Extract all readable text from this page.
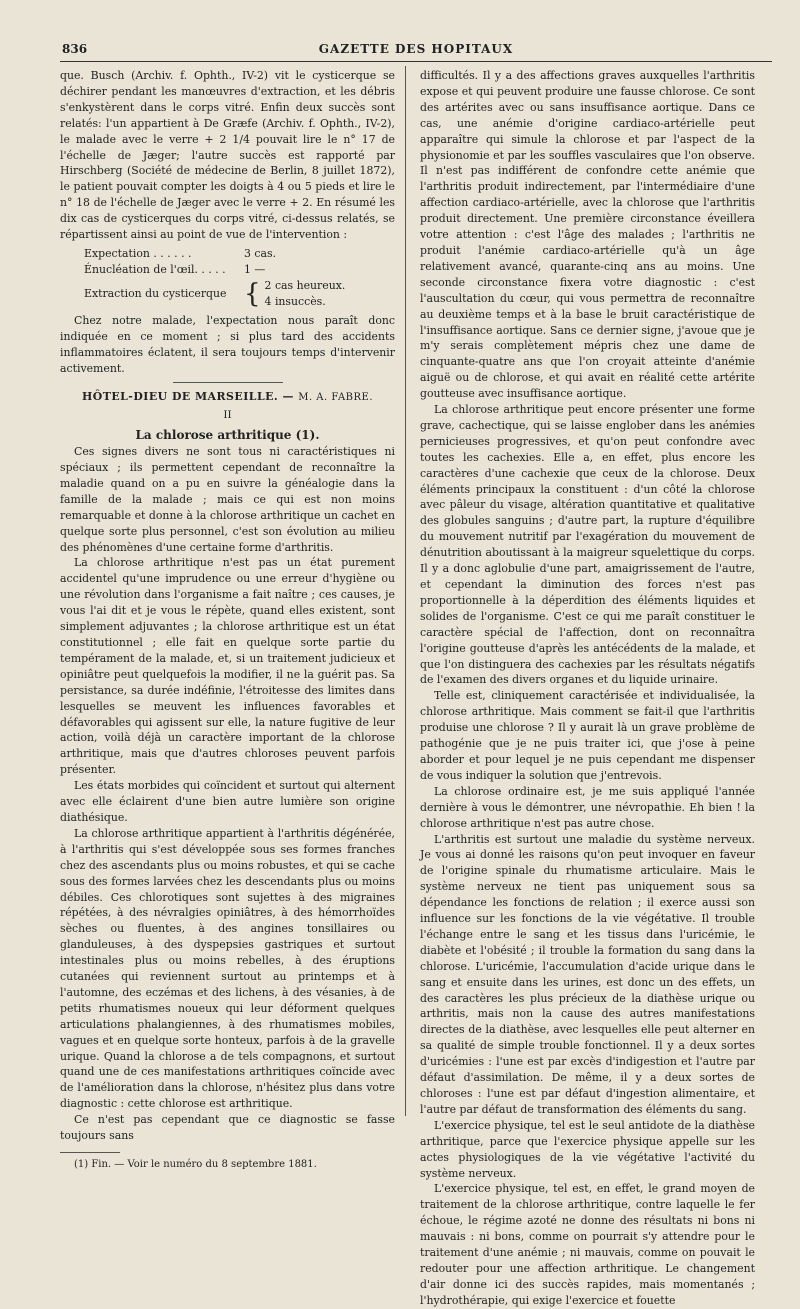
836	GAZETTE DES HOPITAUX

que. Busch (Archiv. f. Ophth., IV-2) vit le cysticerque se déchirer pendant les manœuvres d'extraction, et les débris s'enkystèrent dans le corps vitré. Enfin deux succès sont relatés: l'un appartient à De Græfe (Archiv. f. Ophth., IV-2), le malade avec le verre + 2 1/4 pouvait lire le n° 17 de l'échelle de Jæger; l'autre succès est rapporté par Hirschberg (Société de médecine de Berlin, 8 juillet 1872), le patient pouvait compter les doigts à 4 ou 5 pieds et lire le n° 18 de l'échelle de Jæger avec le verre + 2. En résumé les dix cas de cysticerques du corps vitré, ci-dessus relatés, se répartissent ainsi au point de vue de l'intervention :

Expectation . . . . . .	3 cas.
Énucléation de l'œil. . . . .	1 —
Extraction du cysticerque { 2 cas heureux.
4 insuccès.

Chez notre malade, l'expectation nous paraît donc indiquée en ce moment ; si plus tard des accidents inflammatoires éclatent, il sera toujours temps d'intervenir activement.

HÔTEL-DIEU DE MARSEILLE. — M. A. FABRE.
II
La chlorose arthritique (1).

Ces signes divers ne sont tous ni caractéristiques ni spéciaux ; ils permettent cependant de reconnaître la maladie quand on a pu en suivre la généalogie dans la famille de la malade ; mais ce qui est non moins remarquable et donne à la chlorose arthritique un cachet en quelque sorte plus personnel, c'est son évolution au milieu des phénomènes d'une certaine forme d'arthritis.

La chlorose arthritique n'est pas un état purement accidentel qu'une imprudence ou une erreur d'hygiène ou une révolution dans l'organisme a fait naître ; ces causes, je vous l'ai dit et je vous le répète, quand elles existent, sont simplement adjuvantes ; la chlorose arthritique est un état constitutionnel ; elle fait en quelque sorte partie du tempérament de la malade, et, si un traitement judicieux et opiniâtre peut quelquefois la modifier, il ne la guérit pas. Sa persistance, sa durée indéfinie, l'étroitesse des limites dans lesquelles se meuvent les influences favorables et défavorables qui agissent sur elle, la nature fugitive de leur action, voilà déjà un caractère important de la chlorose arthritique, mais que d'autres chloroses peuvent parfois présenter.

Les états morbides qui coïncident et surtout qui alternent avec elle éclairent d'une bien autre lumière son origine diathésique.

La chlorose arthritique appartient à l'arthritis dégénérée, à l'arthritis qui s'est développée sous ses formes franches chez des ascendants plus ou moins robustes, et qui se cache sous des formes larvées chez les descendants plus ou moins débiles. Ces chlorotiques sont sujettes à des migraines répétées, à des névralgies opiniâtres, à des hémorrhoïdes sèches ou fluentes, à des angines tonsillaires ou glanduleuses, à des dyspepsies gastriques et surtout intestinales plus ou moins rebelles, à des éruptions cutanées qui reviennent surtout au printemps et à l'automne, des eczémas et des lichens, à des vésanies, à de petits rhumatismes noueux qui leur déforment quelques articulations phalangiennes, à des rhumatismes mobiles, vagues et en quelque sorte honteux, parfois à de la gravelle urique. Quand la chlorose a de tels compagnons, et surtout quand une de ces manifestations arthritiques coïncide avec de l'amélioration dans la chlorose, n'hésitez plus dans votre diagnostic : cette chlorose est arthritique.

Ce n'est pas cependant que ce diagnostic se fasse toujours sans

(1) Fin. — Voir le numéro du 8 septembre 1881.

difficultés. Il y a des affections graves auxquelles l'arthritis expose et qui peuvent produire une fausse chlorose. Ce sont des artérites avec ou sans insuffisance aortique. Dans ce cas, une anémie d'origine cardiaco-artérielle peut apparaître qui simule la chlorose et par l'aspect de la physionomie et par les souffles vasculaires que l'on observe. Il n'est pas indifférent de confondre cette anémie que l'arthritis produit indirectement, par l'intermédiaire d'une affection cardiaco-artérielle, avec la chlorose que l'arthritis produit directement. Une première circonstance éveillera votre attention : c'est l'âge des malades ; l'arthritis ne produit l'anémie cardiaco-artérielle qu'à un âge relativement avancé, quarante-cinq ans au moins. Une seconde circonstance fixera votre diagnostic : c'est l'auscultation du cœur, qui vous permettra de reconnaître au deuxième temps et à la base le bruit caractéristique de l'insuffisance aortique. Sans ce dernier signe, j'avoue que je m'y serais complètement mépris chez une dame de cinquante-quatre ans que l'on croyait atteinte d'anémie aiguë ou de chlorose, et qui avait en réalité cette artérite goutteuse avec insuffisance aortique.

La chlorose arthritique peut encore présenter une forme grave, cachectique, qui se laisse englober dans les anémies pernicieuses progressives, et qu'on peut confondre avec toutes les cachexies. Elle a, en effet, plus encore les caractères d'une cachexie que ceux de la chlorose. Deux éléments principaux la constituent : d'un côté la chlorose avec pâleur du visage, altération quantitative et qualitative des globules sanguins ; d'autre part, la rupture d'équilibre du mouvement nutritif par l'exagération du mouvement de dénutrition aboutissant à la maigreur squelettique du corps. Il y a donc aglobulie d'une part, amaigrissement de l'autre, et cependant la diminution des forces n'est pas proportionnelle à la déperdition des éléments liquides et solides de l'organisme. C'est ce qui me paraît constituer le caractère spécial de l'affection, dont on reconnaîtra l'origine goutteuse d'après les antécédents de la malade, et que l'on distinguera des cachexies par les résultats négatifs de l'examen des divers organes et du liquide urinaire.

Telle est, cliniquement caractérisée et individualisée, la chlorose arthritique. Mais comment se fait-il que l'arthritis produise une chlorose ? Il y aurait là un grave problème de pathogénie que je ne puis traiter ici, que j'ose à peine aborder et pour lequel je ne puis cependant me dispenser de vous indiquer la solution que j'entrevois.

La chlorose ordinaire est, je me suis appliqué l'année dernière à vous le démontrer, une névropathie. Eh bien ! la chlorose arthritique n'est pas autre chose.

L'arthritis est surtout une maladie du système nerveux. Je vous ai donné les raisons qu'on peut invoquer en faveur de l'origine spinale du rhumatisme articulaire. Mais le système nerveux ne tient pas uniquement sous sa dépendance les fonctions de relation ; il exerce aussi son influence sur les fonctions de la vie végétative. Il trouble l'échange entre le sang et les tissus dans l'uricémie, le diabète et l'obésité ; il trouble la formation du sang dans la chlorose. L'uricémie, l'accumulation d'acide urique dans le sang et ensuite dans les urines, est donc un des effets, un des caractères les plus précieux de la diathèse urique ou arthritis, mais non la cause des autres manifestations directes de la diathèse, avec lesquelles elle peut alterner en sa qualité de simple trouble fonctionnel. Il y a deux sortes d'uricémies : l'une est par excès d'indigestion et l'autre par défaut d'assimilation. De même, il y a deux sortes de chloroses : l'une est par défaut d'ingestion alimentaire, et l'autre par défaut de transformation des éléments du sang.

L'exercice physique, tel est le seul antidote de la diathèse arthritique, parce que l'exercice physique appelle sur les actes physiologiques de la vie végétative l'activité du système nerveux.

L'exercice physique, tel est, en effet, le grand moyen de traitement de la chlorose arthritique, contre laquelle le fer échoue, le régime azoté ne donne des résultats ni bons ni mauvais : ni bons, comme on pourrait s'y attendre pour le traitement d'une anémie ; ni mauvais, comme on pouvait le redouter pour une affection arthritique. Le changement d'air donne ici des succès rapides, mais momentanés ; l'hydrothérapie, qui exige l'exercice et fouette
